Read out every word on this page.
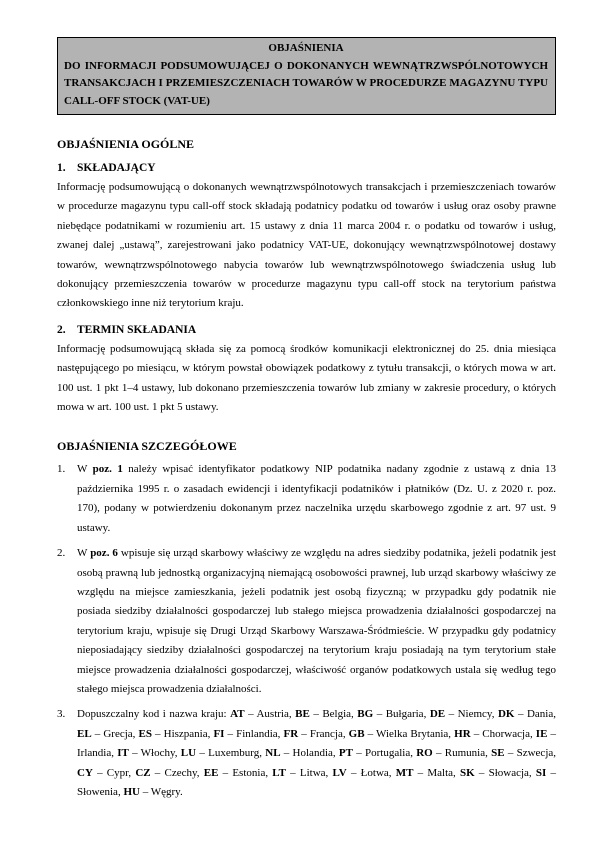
OBJAŚNIENIA
DO INFORMACJI PODSUMOWUJĄCEJ O DOKONANYCH WEWNĄTRZWSPÓLNOTOWYCH TRANSAKCJACH I PRZEMIESZCZENIACH TOWARÓW W PROCEDURZE MAGAZYNU TYPU CALL-OFF STOCK (VAT-UE)
OBJAŚNIENIA OGÓLNE
1. SKŁADAJĄCY

Informację podsumowującą o dokonanych wewnątrzwspólnotowych transakcjach i przemieszczeniach towarów w procedurze magazynu typu call-off stock składają podatnicy podatku od towarów i usług oraz osoby prawne niebędące podatnikami w rozumieniu art. 15 ustawy z dnia 11 marca 2004 r. o podatku od towarów i usług, zwanej dalej „ustawą”, zarejestrowani jako podatnicy VAT-UE, dokonujący wewnątrzwspólnotowej dostawy towarów, wewnątrzwspólnotowego nabycia towarów lub wewnątrzwspólnotowego świadczenia usług lub dokonujący przemieszczenia towarów w procedurze magazynu typu call-off stock na terytorium państwa członkowskiego inne niż terytorium kraju.

2. TERMIN SKŁADANIA

Informację podsumowującą składa się za pomocą środków komunikacji elektronicznej do 25. dnia miesiąca następującego po miesiącu, w którym powstał obowiązek podatkowy z tytułu transakcji, o których mowa w art. 100 ust. 1 pkt 1–4 ustawy, lub dokonano przemieszczenia towarów lub zmiany w zakresie procedury, o których mowa w art. 100 ust. 1 pkt 5 ustawy.

OBJAŚNIENIA SZCZEGÓŁOWE
1.	W poz. 1 należy wpisać identyfikator podatkowy NIP podatnika nadany zgodnie z ustawą z dnia 13 października 1995 r. o zasadach ewidencji i identyfikacji podatników i płatników (Dz. U. z 2020 r. poz. 170), podany w potwierdzeniu dokonanym przez naczelnika urzędu skarbowego zgodnie z art. 97 ust. 9 ustawy.
2.	W poz. 6 wpisuje się urząd skarbowy właściwy ze względu na adres siedziby podatnika, jeżeli podatnik jest osobą prawną lub jednostką organizacyjną niemającą osobowości prawnej, lub urząd skarbowy właściwy ze względu na miejsce zamieszkania, jeżeli podatnik jest osobą fizyczną; w przypadku gdy podatnik nie posiada siedziby działalności gospodarczej lub stałego miejsca prowadzenia działalności gospodarczej na terytorium kraju, wpisuje się Drugi Urząd Skarbowy Warszawa-Śródmieście. W przypadku gdy podatnicy nieposiadający siedziby działalności gospodarczej na terytorium kraju posiadają na tym terytorium stałe miejsce prowadzenia działalności gospodarczej, właściwość organów podatkowych ustala się według tego stałego miejsca prowadzenia działalności.
3.	Dopuszczalny kod i nazwa kraju: AT – Austria, BE – Belgia, BG – Bułgaria, DE – Niemcy, DK – Dania, EL – Grecja, ES – Hiszpania, FI – Finlandia, FR – Francja, GB – Wielka Brytania, HR – Chorwacja, IE – Irlandia, IT – Włochy, LU – Luxemburg, NL – Holandia, PT – Portugalia, RO – Rumunia, SE – Szwecja, CY – Cypr, CZ – Czechy, EE – Estonia, LT – Litwa, LV – Łotwa, MT – Malta, SK – Słowacja, SI – Słowenia, HU – Węgry.
